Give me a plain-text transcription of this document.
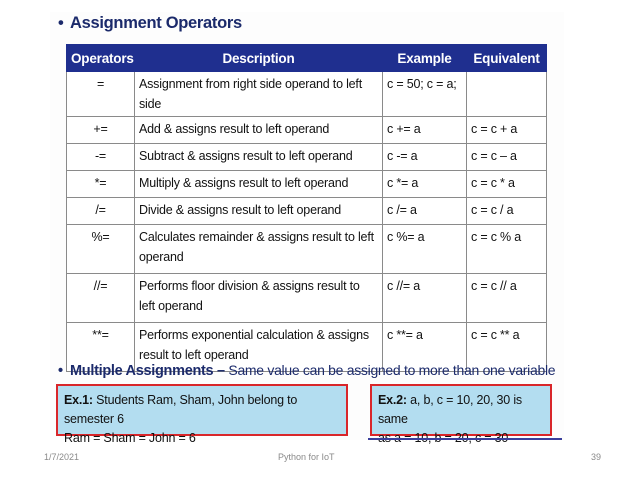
• Assignment Operators
Operators	Description	Example	Equivalent
=	Assignment from right side operand to left side	c = 50; c = a;	
+=	Add & assigns result to left operand	c += a	c = c + a
-=	Subtract & assigns result to left operand	c -= a	c = c – a
*=	Multiply & assigns result to left operand	c *= a	c = c * a
/=	Divide & assigns result to left operand	c /= a	c = c / a
%=	Calculates remainder & assigns result to left operand	c %= a	c = c % a
//=	Performs floor division & assigns result to left operand	c //= a	c = c // a
**=	Performs exponential calculation & assigns result to left operand	c **= a	c = c ** a
• Multiple Assignments – Same value can be assigned to more than one variable
Ex.1: Students Ram, Sham, John belong to semester 6
Ram = Sham = John = 6
Ex.2: a, b, c = 10, 20, 30 is same
1/7/2021	Python for IoT	39
